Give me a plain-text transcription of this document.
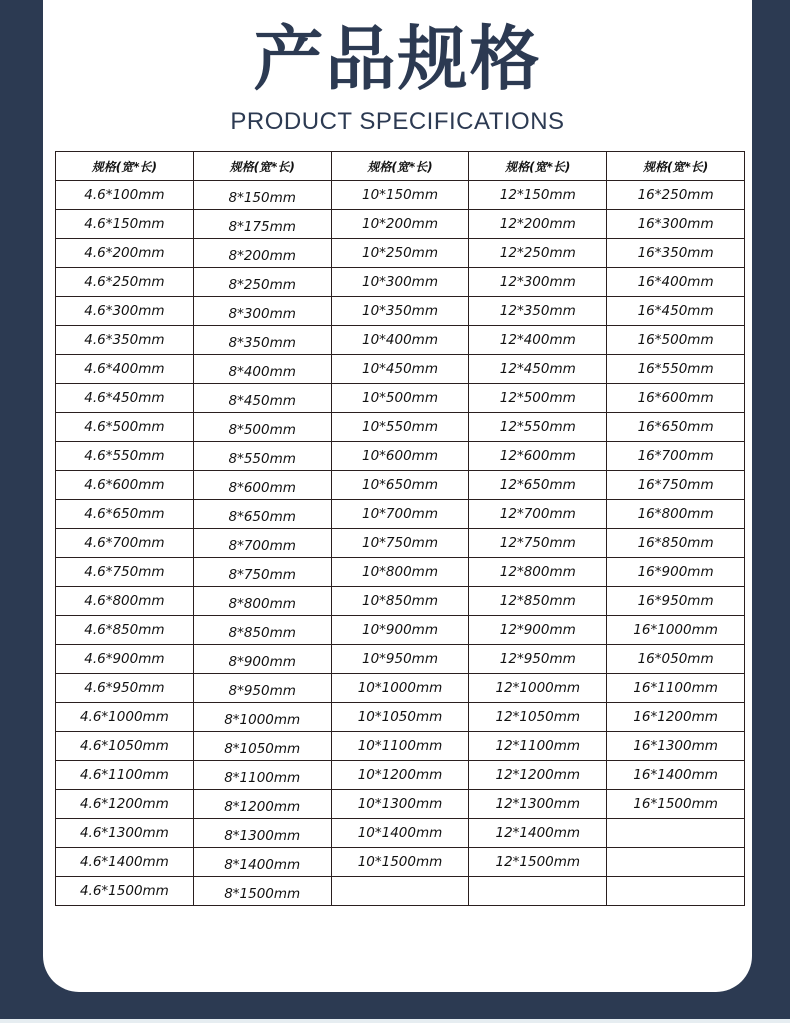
产品规格
PRODUCT SPECIFICATIONS
规格(宽*长)	规格(宽*长)	规格(宽*长)	规格(宽*长)	规格(宽*长)
4.6*100mm	8*150mm	10*150mm	12*150mm	16*250mm
4.6*150mm	8*175mm	10*200mm	12*200mm	16*300mm
4.6*200mm	8*200mm	10*250mm	12*250mm	16*350mm
4.6*250mm	8*250mm	10*300mm	12*300mm	16*400mm
4.6*300mm	8*300mm	10*350mm	12*350mm	16*450mm
4.6*350mm	8*350mm	10*400mm	12*400mm	16*500mm
4.6*400mm	8*400mm	10*450mm	12*450mm	16*550mm
4.6*450mm	8*450mm	10*500mm	12*500mm	16*600mm
4.6*500mm	8*500mm	10*550mm	12*550mm	16*650mm
4.6*550mm	8*550mm	10*600mm	12*600mm	16*700mm
4.6*600mm	8*600mm	10*650mm	12*650mm	16*750mm
4.6*650mm	8*650mm	10*700mm	12*700mm	16*800mm
4.6*700mm	8*700mm	10*750mm	12*750mm	16*850mm
4.6*750mm	8*750mm	10*800mm	12*800mm	16*900mm
4.6*800mm	8*800mm	10*850mm	12*850mm	16*950mm
4.6*850mm	8*850mm	10*900mm	12*900mm	16*1000mm
4.6*900mm	8*900mm	10*950mm	12*950mm	16*050mm
4.6*950mm	8*950mm	10*1000mm	12*1000mm	16*1100mm
4.6*1000mm	8*1000mm	10*1050mm	12*1050mm	16*1200mm
4.6*1050mm	8*1050mm	10*1100mm	12*1100mm	16*1300mm
4.6*1100mm	8*1100mm	10*1200mm	12*1200mm	16*1400mm
4.6*1200mm	8*1200mm	10*1300mm	12*1300mm	16*1500mm
4.6*1300mm	8*1300mm	10*1400mm	12*1400mm	
4.6*1400mm	8*1400mm	10*1500mm	12*1500mm	
4.6*1500mm	8*1500mm			
